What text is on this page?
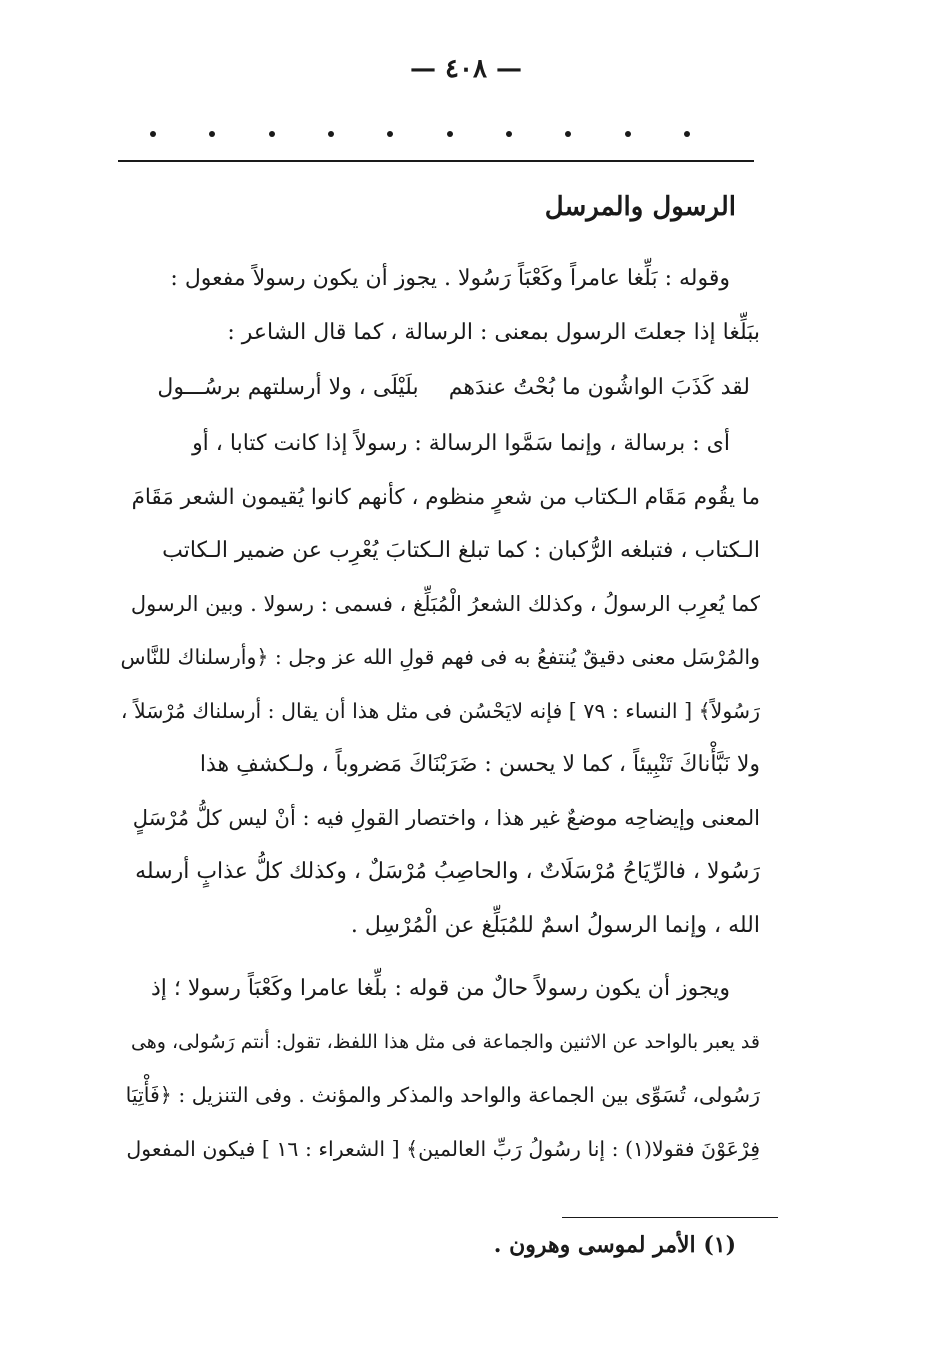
— ٤٠٨ —
الرسول والمرسل
وقوله : بَلِّغا عامراً وكَعْبَاً رَسُولا . يجوز أن يكون رسولاً مفعول :
ببَلِّغا إذا جعلتَ الرسول بمعنى : الرسالة ، كما قال الشاعر :
لقد كَذَبَ الواشُون ما بُحْتُ عندَهم ⠀ بلَيْلَى ، ولا أرسلتهم برسُـــول
أى : برسالة ، وإنما سَمَّوا الرسالة : رسولاً إذا كانت كتابا ، أو
ما يقُوم مَقَام الـكتاب من شعرٍ منظوم ، كأنهم كانوا يُقيمون الشعر مَقَامَ
الـكتاب ، فتبلغه الرُّكبان : كما تبلغ الـكتابَ يُعْرِب عن ضمير الـكاتب
كما يُعرِب الرسولُ ، وكذلك الشعرُ الْمُبَلِّغ ، فسمى : رسولا . وبين الرسول
والمُرْسَل معنى دقيقٌ يُنتفعُ به فى فهم قولِ الله عز وجل : ﴿وأرسلناك للنَّاس
رَسُولاً﴾ [ النساء : ٧٩ ] فإنه لايَحْسُن فى مثل هذا أن يقال : أرسلناك مُرْسَلاً ،
ولا نَبَّأْناكَ تَنْبِيئاً ، كما لا يحسن : ضَرَبْنَاكَ مَضروباً ، ولـكشفِ هذا
المعنى وإيضاحِه موضعٌ غير هذا ، واختصار القولِ فيه : أنْ ليس كلُّ مُرْسَلٍ
رَسُولا ، فالرِّيَاحُ مُرْسَلَاتٌ ، والحاصِبُ مُرْسَلٌ ، وكذلك كلُّ عذابٍ أرسله
الله ، وإنما الرسولُ اسمٌ للمُبَلِّغ عن الْمُرْسِل .
ويجوز أن يكون رسولاً حالٌ من قوله : بلِّغا عامرا وكَعْبَاً رسولا ؛ إذ
قد يعبر بالواحد عن الاثنين والجماعة فى مثل هذا اللفظ، تقول: أنتم رَسُولى، وهى
رَسُولى، تُسَوِّى بين الجماعة والواحد والمذكر والمؤنث . وفى التنزيل : ﴿فَأْتِيَا
فِرْعَوْنَ فقولا(١) : إنا رسُولُ رَبِّ العالمين﴾ [ الشعراء : ١٦ ] فيكون المفعول
(١) الأمر لموسى وهرون .
